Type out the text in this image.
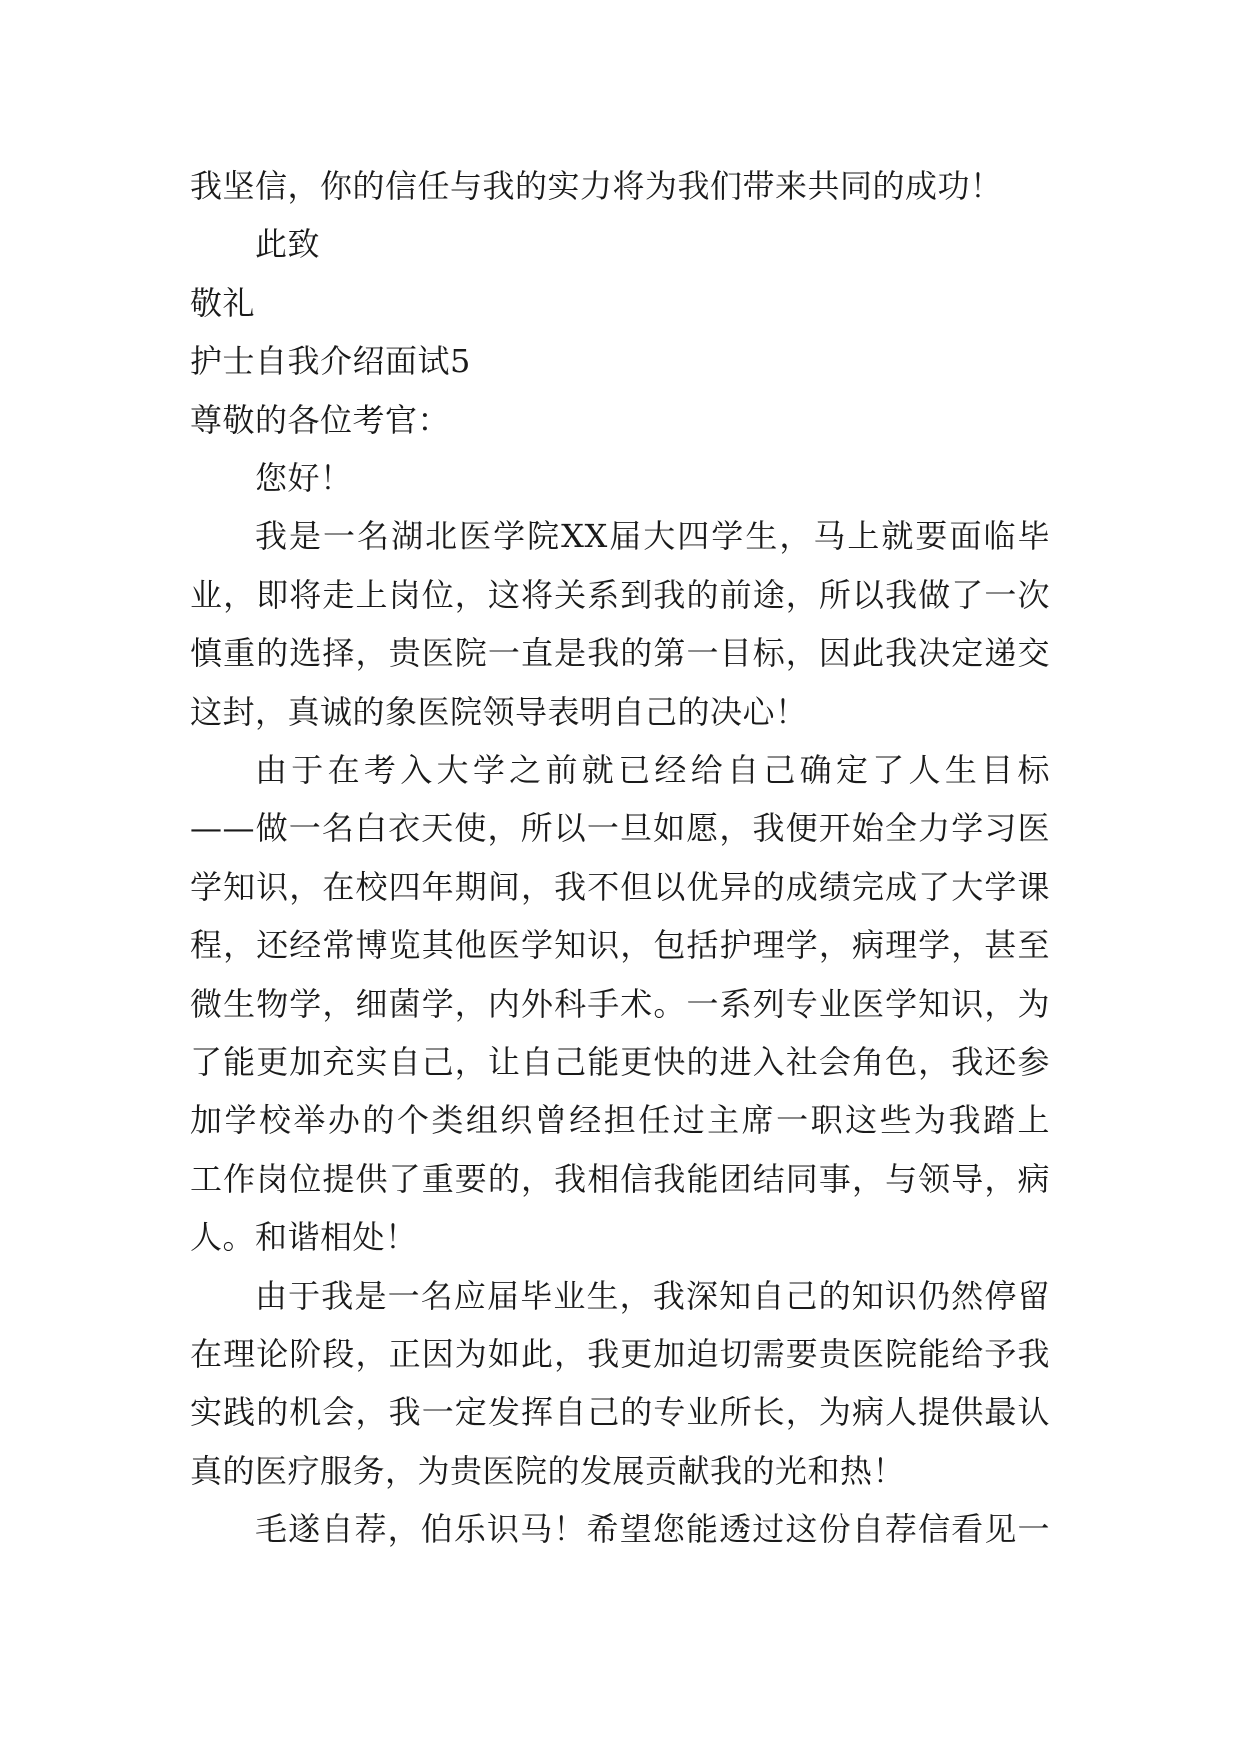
我坚信，你的信任与我的实力将为我们带来共同的成功！
此致
敬礼
护士自我介绍面试5
尊敬的各位考官：
您好！
我是一名湖北医学院XX届大四学生，马上就要面临毕
业，即将走上岗位，这将关系到我的前途，所以我做了一次
慎重的选择，贵医院一直是我的第一目标，因此我决定递交
这封，真诚的象医院领导表明自己的决心！
由于在考入大学之前就已经给自己确定了人生目标
——做一名白衣天使，所以一旦如愿，我便开始全力学习医
学知识，在校四年期间，我不但以优异的成绩完成了大学课
程，还经常博览其他医学知识，包括护理学，病理学，甚至
微生物学，细菌学，内外科手术。一系列专业医学知识，为
了能更加充实自己，让自己能更快的进入社会角色，我还参
加学校举办的个类组织曾经担任过主席一职这些为我踏上
工作岗位提供了重要的，我相信我能团结同事，与领导，病
人。和谐相处！
由于我是一名应届毕业生，我深知自己的知识仍然停留
在理论阶段，正因为如此，我更加迫切需要贵医院能给予我
实践的机会，我一定发挥自己的专业所长，为病人提供最认
真的医疗服务，为贵医院的发展贡献我的光和热！
毛遂自荐，伯乐识马！希望您能透过这份自荐信看见一
